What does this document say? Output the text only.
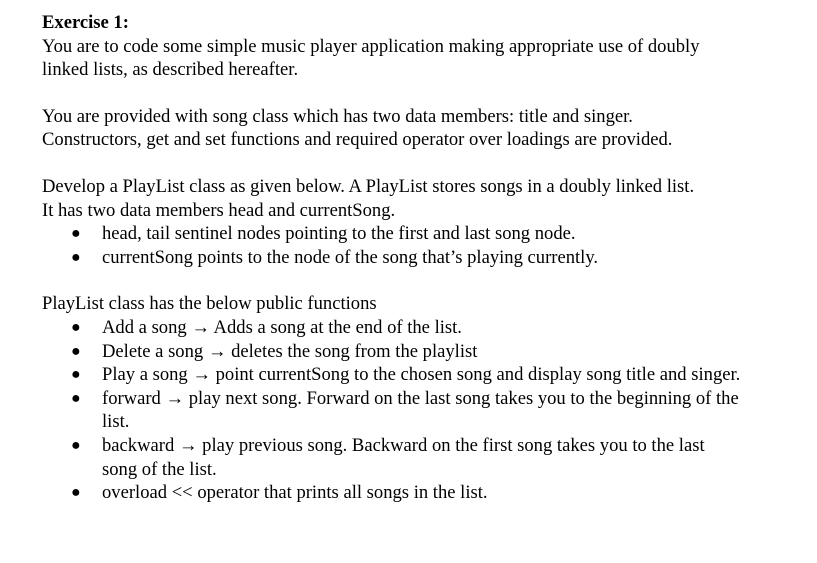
Exercise 1:

You are to code some simple music player application making appropriate use of doubly linked lists, as described hereafter.

You are provided with song class which has two data members: title and singer. Constructors, get and set functions and required operator over loadings are provided.

Develop a PlayList class as given below. A PlayList stores songs in a doubly linked list.

It has two data members head and currentSong.

● head, tail sentinel nodes pointing to the first and last song node.
● currentSong points to the node of the song that’s playing currently.

PlayList class has the below public functions

● Add a song → Adds a song at the end of the list.
● Delete a song → deletes the song from the playlist
● Play a song → point currentSong to the chosen song and display song title and singer.
● forward → play next song. Forward on the last song takes you to the beginning of the list.
● backward → play previous song. Backward on the first song takes you to the last song of the list.
● overload << operator that prints all songs in the list.
